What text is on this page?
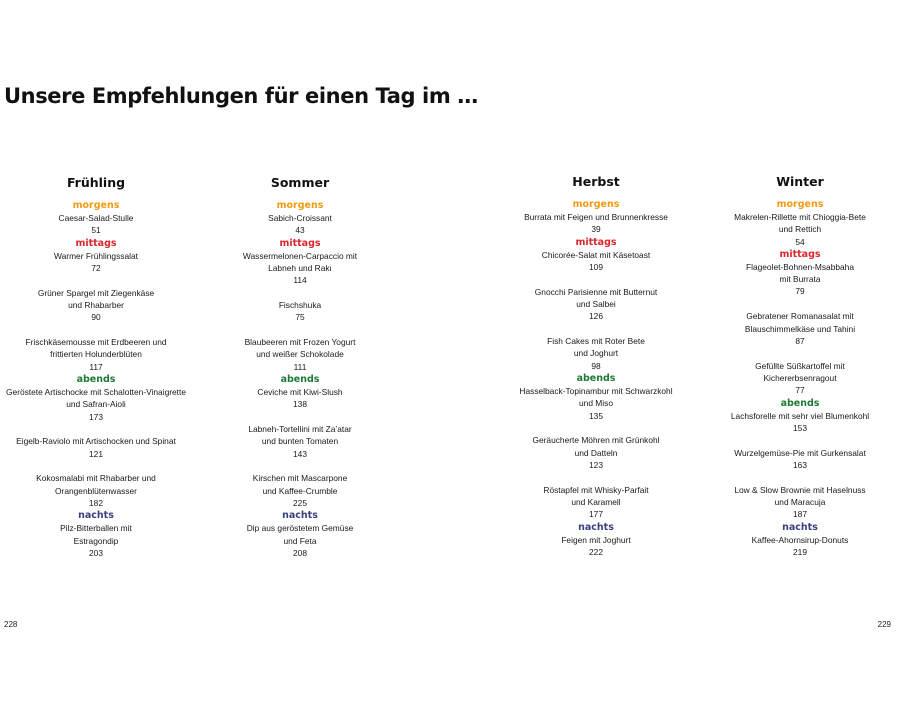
Unsere Empfehlungen für einen Tag im …
Frühling
morgens
Caesar-Salad-Stulle
51
mittags
Warmer Frühlingssalat
72
Grüner Spargel mit Ziegenkäse
und Rhabarber
90
Frischkäsemousse mit Erdbeeren und
frittierten Holunderblüten
117
abends
Geröstete Artischocke mit Schalotten-Vinaigrette
und Safran-Aioli
173
Eigelb-Raviolo mit Artischocken und Spinat
121
Kokosmalabi mit Rhabarber und
Orangenblütenwasser
182
nachts
Pilz-Bitterballen mit
Estragondip
203
Sommer
morgens
Sabich-Croissant
43
mittags
Wassermelonen-Carpaccio mit
Labneh und Rakı
114
Fischshuka
75
Blaubeeren mit Frozen Yogurt
und weißer Schokolade
111
abends
Ceviche mit Kiwi-Slush
138
Labneh-Tortellini mit Za’atar
und bunten Tomaten
143
Kirschen mit Mascarpone
und Kaffee-Crumble
225
nachts
Dip aus geröstetem Gemüse
und Feta
208
Herbst
morgens
Burrata mit Feigen und Brunnenkresse
39
mittags
Chicorée-Salat mit Käsetoast
109
Gnocchi Parisienne mit Butternut
und Salbei
126
Fish Cakes mit Roter Bete
und Joghurt
98
abends
Hasselback-Topinambur mit Schwarzkohl
und Miso
135
Geräucherte Möhren mit Grünkohl
und Datteln
123
Röstapfel mit Whisky-Parfait
und Karamell
177
nachts
Feigen mit Joghurt
222
Winter
morgens
Makrelen-Rillette mit Chioggia-Bete
und Rettich
54
mittags
Flageolet-Bohnen-Msabbaha
mit Burrata
79
Gebratener Romanasalat mit
Blauschimmelkäse und Tahini
87
Gefüllte Süßkartoffel mit
Kichererbsenragout
77
abends
Lachsforelle mit sehr viel Blumenkohl
153
Wurzelgemüse-Pie mit Gurkensalat
163
Low & Slow Brownie mit Haselnuss
und Maracuja
187
nachts
Kaffee-Ahornsirup-Donuts
219
228	229
